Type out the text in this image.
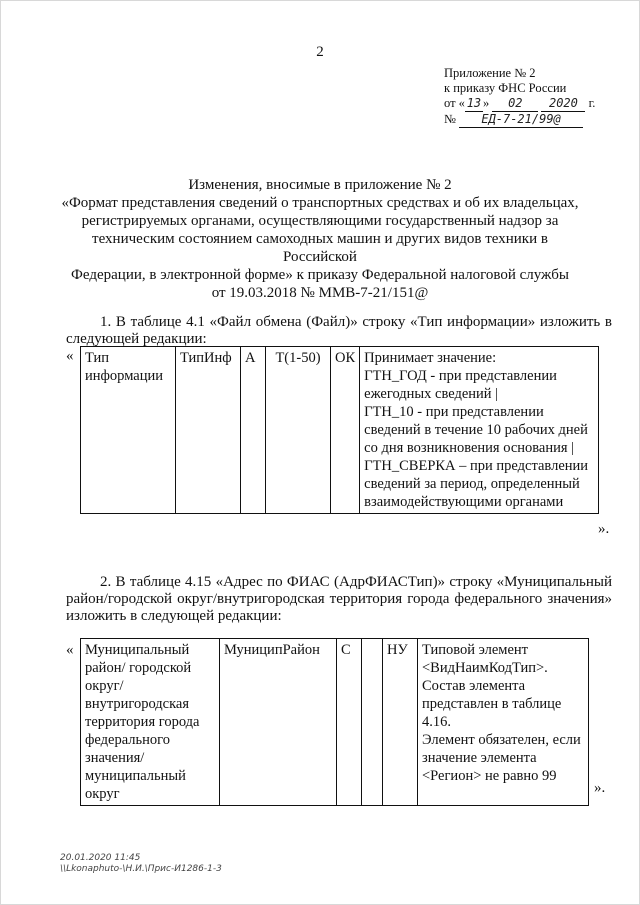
2
Приложение № 2
к приказу ФНС России
от « 13 » 02 2020 г.
№ ЕД-7-21/99@
Изменения, вносимые в приложение № 2
«Формат представления сведений о транспортных средствах и об их владельцах,
регистрируемых органами, осуществляющими государственный надзор за
техническим состоянием самоходных машин и других видов техники в Российской
Федерации, в электронной форме» к приказу Федеральной налоговой службы
от 19.03.2018 № ММВ-7-21/151@
1. В таблице 4.1 «Файл обмена (Файл)» строку «Тип информации» изложить в следующей редакции:
« Тип информации	ТипИнф	А	T(1-50)	ОК	Принимает значение:
ГТН_ГОД - при представлении ежегодных сведений |
ГТН_10 - при представлении сведений в течение 10 рабочих дней со дня возникновения основания |
ГТН_СВЕРКА – при представлении сведений за период, определенный взаимодействующими органами
».
2. В таблице 4.15 «Адрес по ФИАС (АдрФИАСТип)» строку «Муниципальный район/городской округ/внутригородская территория города федерального значения» изложить в следующей редакции:
« Муниципальный район/ городской округ/ внутригородская территория города федерального значения/ муниципальный округ	МуниципРайон	С		НУ	Типовой элемент <ВидНаимКодТип>.
Состав элемента представлен в таблице 4.16.
Элемент обязателен, если значение элемента <Регион> не равно 99
».
20.01.2020 11:45
\\Lkonaphuto-\Н.И.\Прис-И1286-1-3
